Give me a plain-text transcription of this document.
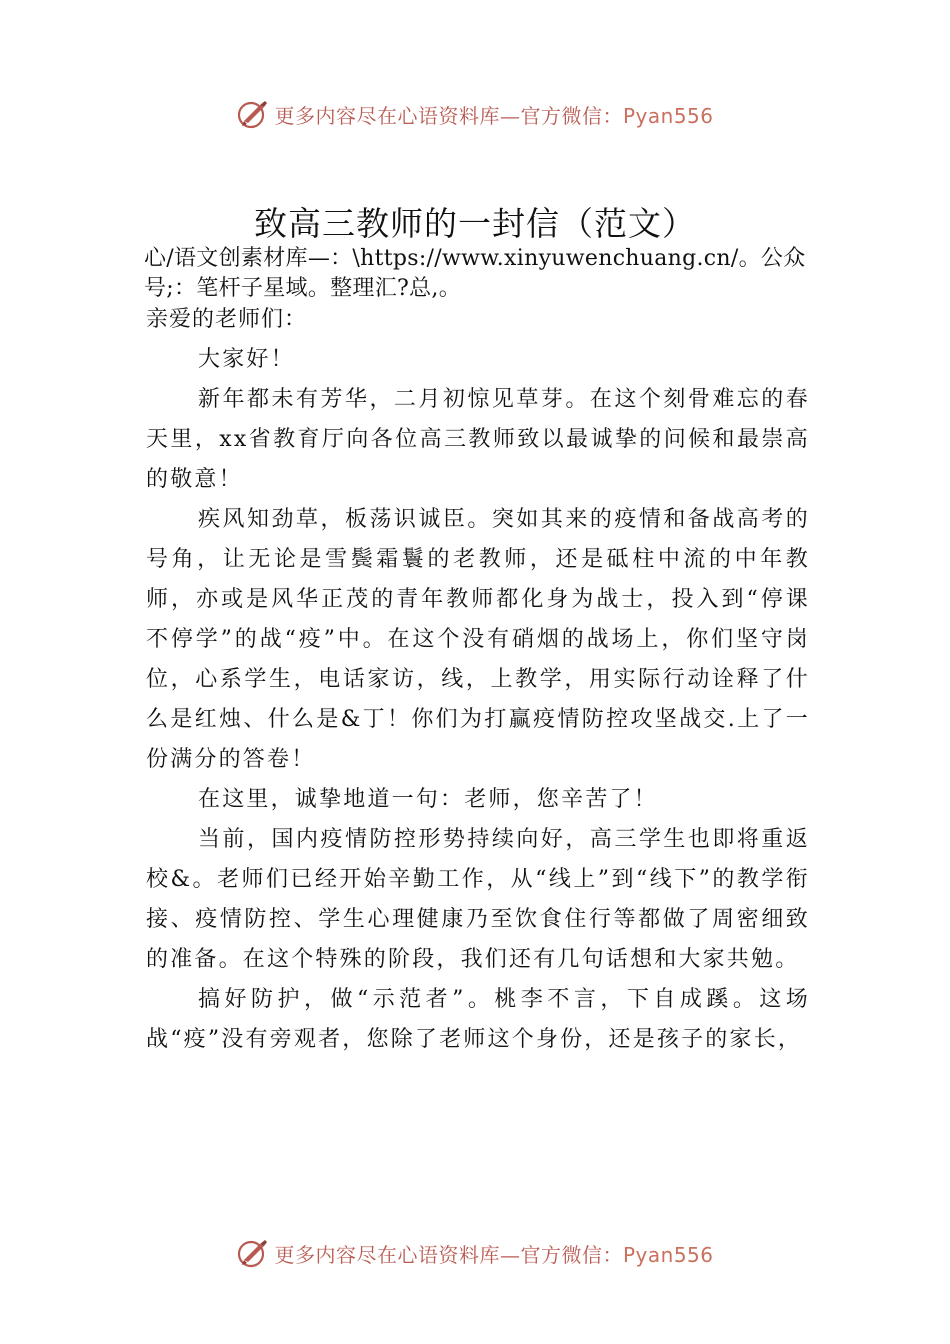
更多内容尽在心语资料库—官方微信：Pyan556
致高三教师的一封信（范文）

心/语文创素材库—：\https://www.xinyuwenchuang.cn/。公众号;：笔杆子星域。整理汇?总,。

亲爱的老师们：

大家好！

新年都未有芳华，二月初惊见草芽。在这个刻骨难忘的春天里，xx省教育厅向各位高三教师致以最诚挚的问候和最崇高的敬意！

疾风知劲草，板荡识诚臣。突如其来的疫情和备战高考的号角，让无论是雪鬓霜鬟的老教师，还是砥柱中流的中年教师，亦或是风华正茂的青年教师都化身为战士，投入到“停课不停学”的战“疫”中。在这个没有硝烟的战场上，你们坚守岗位，心系学生，电话家访，线，上教学，用实际行动诠释了什么是红烛、什么是&丁！你们为打赢疫情防控攻坚战交.上了一份满分的答卷！

在这里，诚挚地道一句：老师，您辛苦了！

当前，国内疫情防控形势持续向好，高三学生也即将重返校&。老师们已经开始辛勤工作，从“线上”到“线下”的教学衔接、疫情防控、学生心理健康乃至饮食住行等都做了周密细致的准备。在这个特殊的阶段，我们还有几句话想和大家共勉。

搞好防护，做“示范者”。桃李不言，下自成蹊。这场战“疫”没有旁观者，您除了老师这个身份，还是孩子的家长，

更多内容尽在心语资料库—官方微信：Pyan556
